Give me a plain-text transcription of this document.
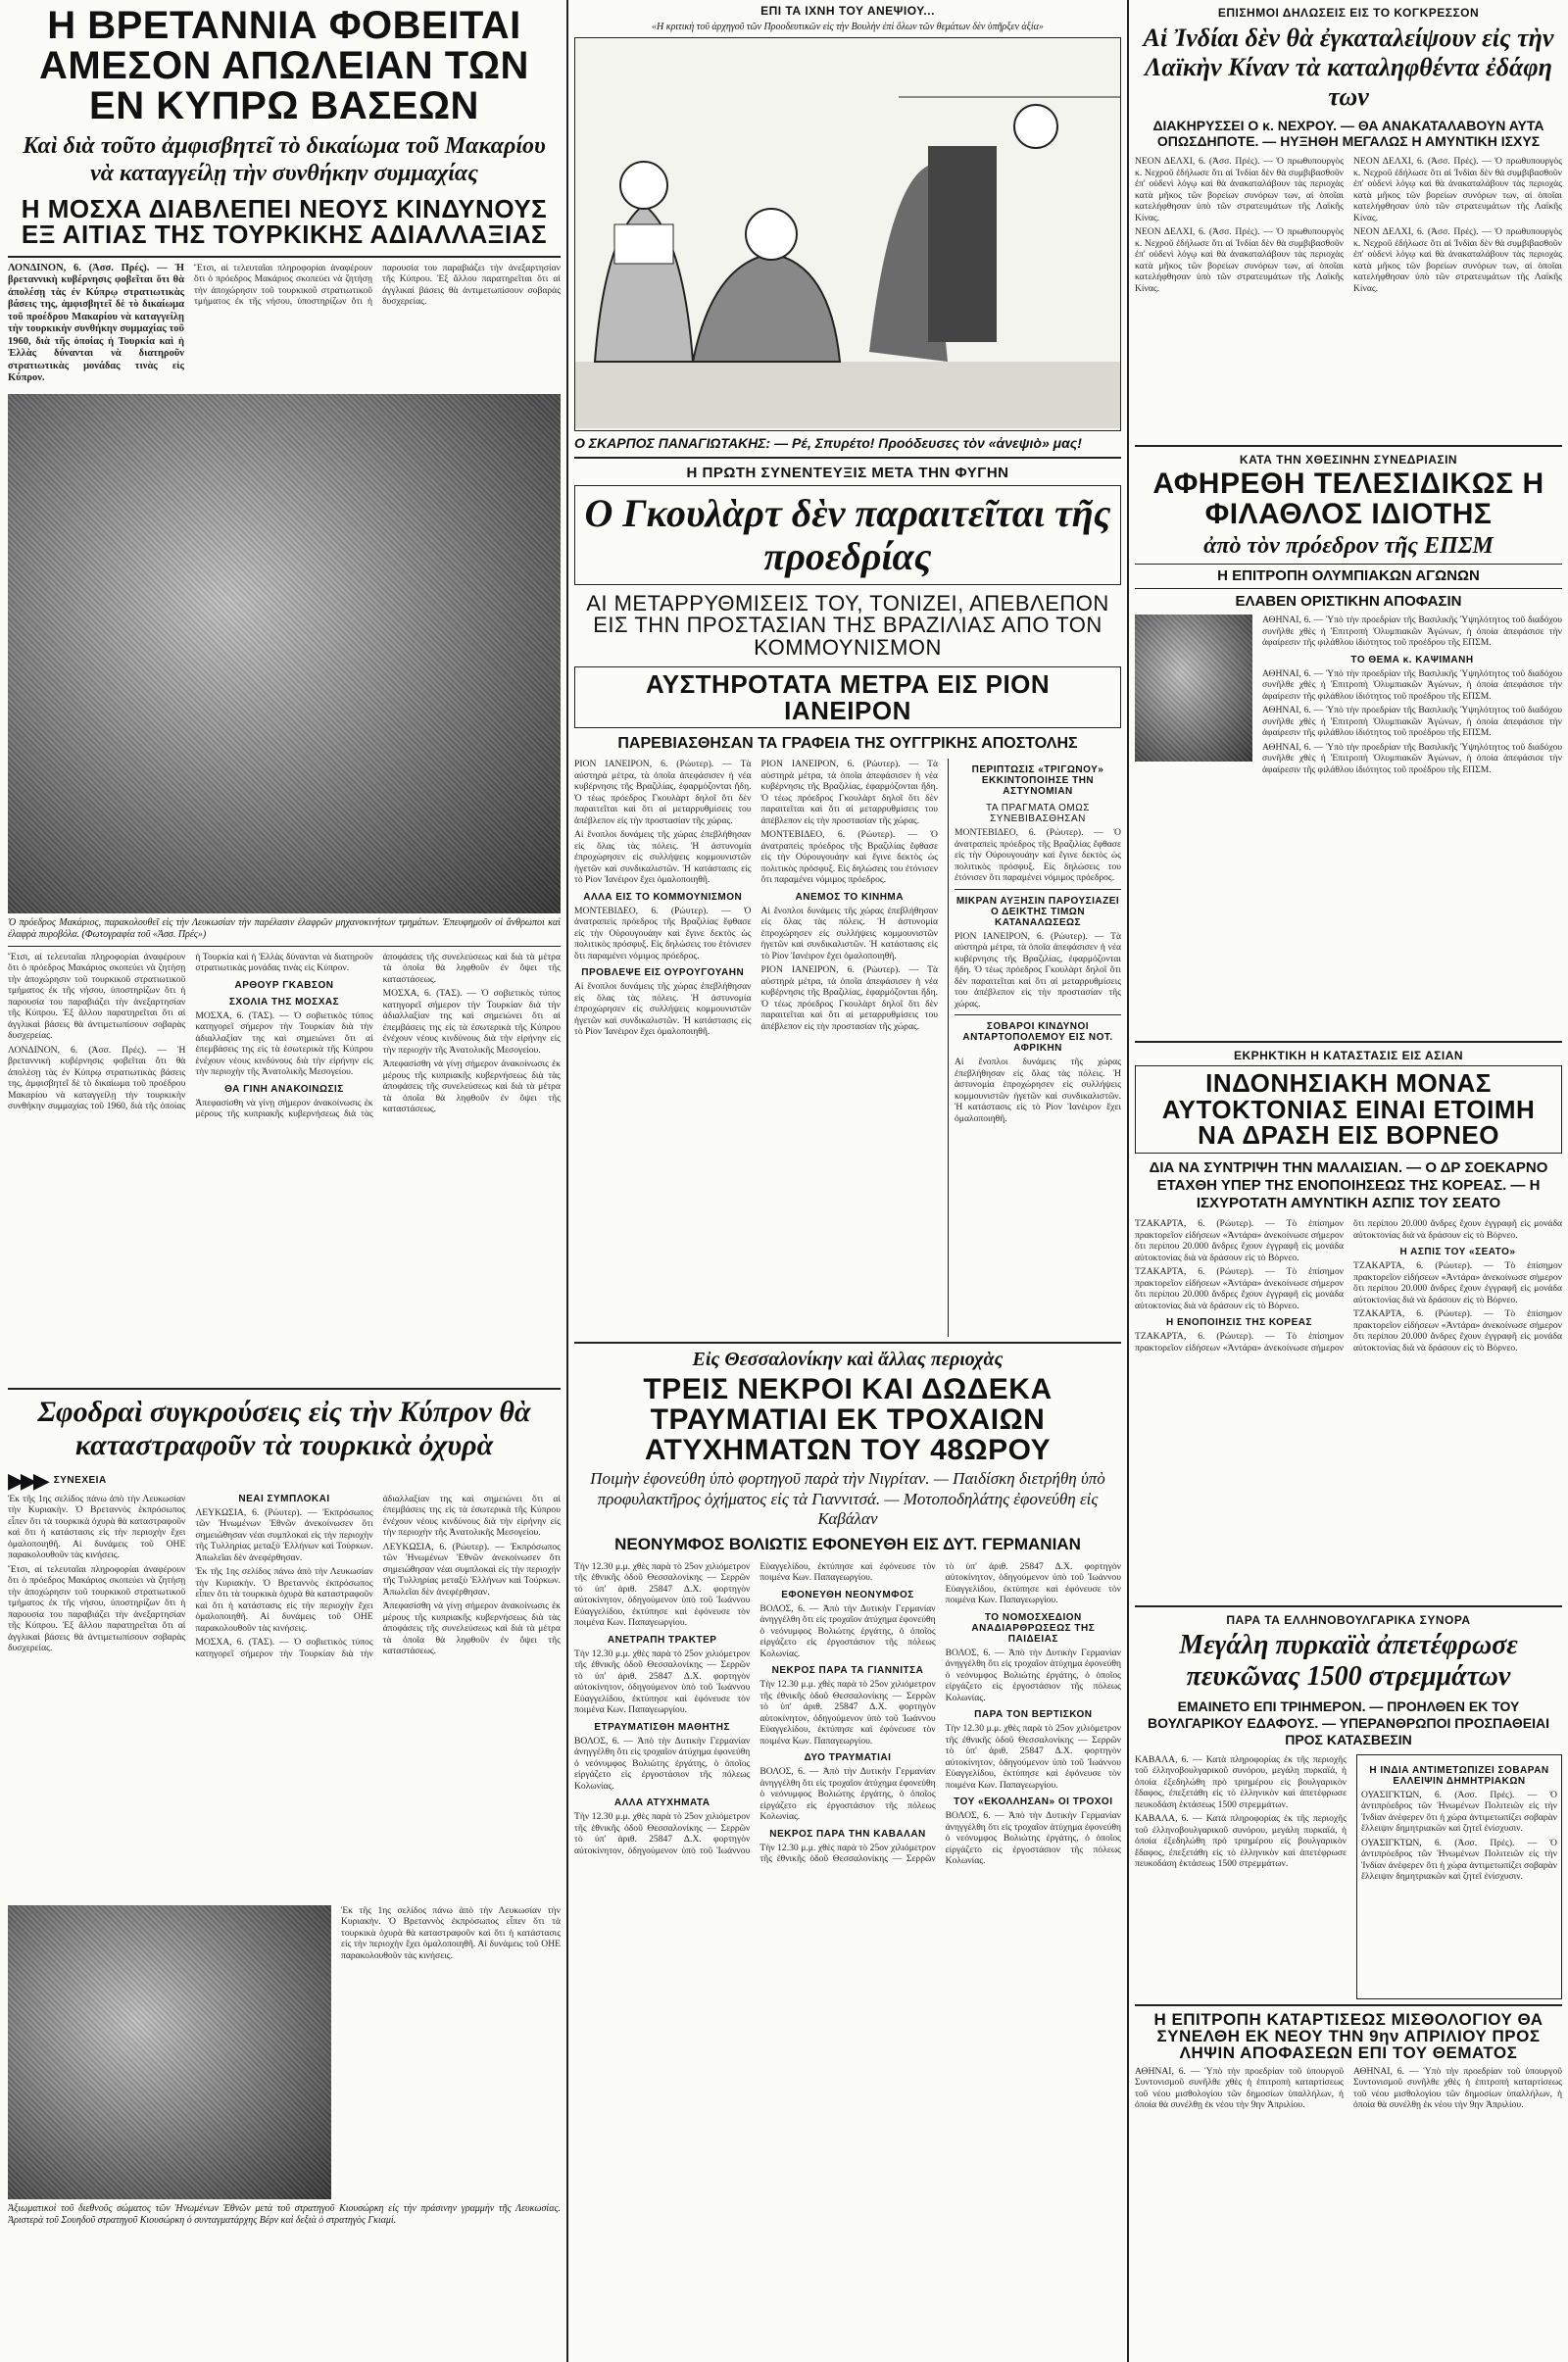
Η ΒΡΕΤΑΝΝΙΑ ΦΟΒΕΙΤΑΙ ΑΜΕΣΟΝ ΑΠΩΛΕΙΑΝ ΤΩΝ ΕΝ ΚΥΠΡΩ ΒΑΣΕΩΝ
Καὶ διὰ τοῦτο ἀμφισβητεῖ τὸ δικαίωμα τοῦ Μακαρίου νὰ καταγγείλῃ τὴν συνθήκην συμμαχίας
Η ΜΟΣΧΑ ΔΙΑΒΛΕΠΕΙ ΝΕΟΥΣ ΚΙΝΔΥΝΟΥΣ ΕΞ ΑΙΤΙΑΣ ΤΗΣ ΤΟΥΡΚΙΚΗΣ ΑΔΙΑΛΛΑΞΙΑΣ

ΛΟΝΔΙΝΟΝ, 6. (Ἀσσ. Πρές). — Ἡ βρεταννικὴ κυβέρνησις φοβεῖται ὅτι θὰ ἀπολέσῃ τὰς ἐν Κύπρῳ στρατιωτικὰς βάσεις της, ἀμφισβητεῖ δὲ τὸ δικαίωμα τοῦ προέδρου Μακαρίου νὰ καταγγείλῃ τὴν τουρκικὴν συνθήκην συμμαχίας τοῦ 1960, διὰ τῆς ὁποίας ἡ Τουρκία καὶ ἡ Ἑλλὰς δύνανται νὰ διατηροῦν στρατιωτικὰς μονάδας τινὰς εἰς Κύπρον.

Ἔτσι, αἱ τελευταῖαι πληροφορίαι ἀναφέρουν ὅτι ὁ πρόεδρος Μακάριος σκοπεύει νὰ ζητήσῃ τὴν ἀποχώρησιν τοῦ τουρκικοῦ στρατιωτικοῦ τμήματος ἐκ τῆς νήσου, ὑποστηρίζων ὅτι ἡ παρουσία του παραβιάζει τὴν ἀνεξαρτησίαν τῆς Κύπρου. Ἐξ ἄλλου παρατηρεῖται ὅτι αἱ ἀγγλικαὶ βάσεις θὰ ἀντιμετωπίσουν σοβαρὰς δυσχερείας.

Ὁ πρόεδρος Μακάριος, παρακολουθεῖ εἰς τὴν Λευκωσίαν τὴν παρέλασιν ἐλαφρῶν μηχανοκινήτων τμημάτων. Ἐπευφημοῦν οἱ ἄνθρωποι καὶ ἐλαφρὰ πυροβόλα. (Φωτογραφία τοῦ «Ἀσσ. Πρές»)

Ἔτσι, αἱ τελευταῖαι πληροφορίαι ἀναφέρουν ὅτι ὁ πρόεδρος Μακάριος σκοπεύει νὰ ζητήσῃ τὴν ἀποχώρησιν τοῦ τουρκικοῦ στρατιωτικοῦ τμήματος ἐκ τῆς νήσου, ὑποστηρίζων ὅτι ἡ παρουσία του παραβιάζει τὴν ἀνεξαρτησίαν τῆς Κύπρου. Ἐξ ἄλλου παρατηρεῖται ὅτι αἱ ἀγγλικαὶ βάσεις θὰ ἀντιμετωπίσουν σοβαρὰς δυσχερείας.

ΛΟΝΔΙΝΟΝ, 6. (Ἀσσ. Πρές). — Ἡ βρεταννικὴ κυβέρνησις φοβεῖται ὅτι θὰ ἀπολέσῃ τὰς ἐν Κύπρῳ στρατιωτικὰς βάσεις της, ἀμφισβητεῖ δὲ τὸ δικαίωμα τοῦ προέδρου Μακαρίου νὰ καταγγείλῃ τὴν τουρκικὴν συνθήκην συμμαχίας τοῦ 1960, διὰ τῆς ὁποίας ἡ Τουρκία καὶ ἡ Ἑλλὰς δύνανται νὰ διατηροῦν στρατιωτικὰς μονάδας τινὰς εἰς Κύπρον.

ΑΡΘΟΥΡ ΓΚΑΒΣΟΝ
ΣΧΟΛΙΑ ΤΗΣ ΜΟΣΧΑΣ

ΜΟΣΧΑ, 6. (ΤΑΣ). — Ὁ σοβιετικὸς τύπος κατηγορεῖ σήμερον τὴν Τουρκίαν διὰ τὴν ἀδιαλλαξίαν της καὶ σημειώνει ὅτι αἱ ἐπεμβάσεις της εἰς τὰ ἐσωτερικὰ τῆς Κύπρου ἐνέχουν νέους κινδύνους διὰ τὴν εἰρήνην εἰς τὴν περιοχὴν τῆς Ἀνατολικῆς Μεσογείου.

ΘΑ ΓΙΝΗ ΑΝΑΚΟΙΝΩΣΙΣ

Ἀπεφασίσθη νὰ γίνῃ σήμερον ἀνακοίνωσις ἐκ μέρους τῆς κυπριακῆς κυβερνήσεως διὰ τὰς ἀποφάσεις τῆς συνελεύσεως καὶ διὰ τὰ μέτρα τὰ ὁποῖα θὰ ληφθοῦν ἐν ὄψει τῆς καταστάσεως.

ΜΟΣΧΑ, 6. (ΤΑΣ). — Ὁ σοβιετικὸς τύπος κατηγορεῖ σήμερον τὴν Τουρκίαν διὰ τὴν ἀδιαλλαξίαν της καὶ σημειώνει ὅτι αἱ ἐπεμβάσεις της εἰς τὰ ἐσωτερικὰ τῆς Κύπρου ἐνέχουν νέους κινδύνους διὰ τὴν εἰρήνην εἰς τὴν περιοχὴν τῆς Ἀνατολικῆς Μεσογείου.

Ἀπεφασίσθη νὰ γίνῃ σήμερον ἀνακοίνωσις ἐκ μέρους τῆς κυπριακῆς κυβερνήσεως διὰ τὰς ἀποφάσεις τῆς συνελεύσεως καὶ διὰ τὰ μέτρα τὰ ὁποῖα θὰ ληφθοῦν ἐν ὄψει τῆς καταστάσεως.

Σφοδραὶ συγκρούσεις εἰς τὴν Κύπρον θὰ καταστραφοῦν τὰ τουρκικὰ ὀχυρὰ
▶▶▶ ΣΥΝΕΧΕΙΑ

Ἐκ τῆς 1ης σελίδος πάνω ἀπὸ τὴν Λευκωσίαν τὴν Κυριακὴν. Ὁ Βρεταννὸς ἐκπρόσωπος εἶπεν ὅτι τὰ τουρκικὰ ὀχυρὰ θὰ καταστραφοῦν καὶ ὅτι ἡ κατάστασις εἰς τὴν περιοχὴν ἔχει ὁμαλοποιηθῆ. Αἱ δυνάμεις τοῦ ΟΗΕ παρακολουθοῦν τὰς κινήσεις.

Ἔτσι, αἱ τελευταῖαι πληροφορίαι ἀναφέρουν ὅτι ὁ πρόεδρος Μακάριος σκοπεύει νὰ ζητήσῃ τὴν ἀποχώρησιν τοῦ τουρκικοῦ στρατιωτικοῦ τμήματος ἐκ τῆς νήσου, ὑποστηρίζων ὅτι ἡ παρουσία του παραβιάζει τὴν ἀνεξαρτησίαν τῆς Κύπρου. Ἐξ ἄλλου παρατηρεῖται ὅτι αἱ ἀγγλικαὶ βάσεις θὰ ἀντιμετωπίσουν σοβαρὰς δυσχερείας.

ΝΕΑΙ ΣΥΜΠΛΟΚΑΙ

ΛΕΥΚΩΣΙΑ, 6. (Ρώυτερ). — Ἐκπρόσωπος τῶν Ἡνωμένων Ἐθνῶν ἀνεκοίνωσεν ὅτι σημειώθησαν νέαι συμπλοκαὶ εἰς τὴν περιοχὴν τῆς Τυλληρίας μεταξὺ Ἑλλήνων καὶ Τούρκων. Ἀπωλεῖαι δὲν ἀνεφέρθησαν.

Ἐκ τῆς 1ης σελίδος πάνω ἀπὸ τὴν Λευκωσίαν τὴν Κυριακὴν. Ὁ Βρεταννὸς ἐκπρόσωπος εἶπεν ὅτι τὰ τουρκικὰ ὀχυρὰ θὰ καταστραφοῦν καὶ ὅτι ἡ κατάστασις εἰς τὴν περιοχὴν ἔχει ὁμαλοποιηθῆ. Αἱ δυνάμεις τοῦ ΟΗΕ παρακολουθοῦν τὰς κινήσεις.

ΜΟΣΧΑ, 6. (ΤΑΣ). — Ὁ σοβιετικὸς τύπος κατηγορεῖ σήμερον τὴν Τουρκίαν διὰ τὴν ἀδιαλλαξίαν της καὶ σημειώνει ὅτι αἱ ἐπεμβάσεις της εἰς τὰ ἐσωτερικὰ τῆς Κύπρου ἐνέχουν νέους κινδύνους διὰ τὴν εἰρήνην εἰς τὴν περιοχὴν τῆς Ἀνατολικῆς Μεσογείου.

ΛΕΥΚΩΣΙΑ, 6. (Ρώυτερ). — Ἐκπρόσωπος τῶν Ἡνωμένων Ἐθνῶν ἀνεκοίνωσεν ὅτι σημειώθησαν νέαι συμπλοκαὶ εἰς τὴν περιοχὴν τῆς Τυλληρίας μεταξὺ Ἑλλήνων καὶ Τούρκων. Ἀπωλεῖαι δὲν ἀνεφέρθησαν.

Ἀπεφασίσθη νὰ γίνῃ σήμερον ἀνακοίνωσις ἐκ μέρους τῆς κυπριακῆς κυβερνήσεως διὰ τὰς ἀποφάσεις τῆς συνελεύσεως καὶ διὰ τὰ μέτρα τὰ ὁποῖα θὰ ληφθοῦν ἐν ὄψει τῆς καταστάσεως.

Ἐκ τῆς 1ης σελίδος πάνω ἀπὸ τὴν Λευκωσίαν τὴν Κυριακὴν. Ὁ Βρεταννὸς ἐκπρόσωπος εἶπεν ὅτι τὰ τουρκικὰ ὀχυρὰ θὰ καταστραφοῦν καὶ ὅτι ἡ κατάστασις εἰς τὴν περιοχὴν ἔχει ὁμαλοποιηθῆ. Αἱ δυνάμεις τοῦ ΟΗΕ παρακολουθοῦν τὰς κινήσεις.

Ἀξιωματικοὶ τοῦ διεθνοῦς σώματος τῶν Ἡνωμένων Ἐθνῶν μετὰ τοῦ στρατηγοῦ Κιουσώρκη εἰς τὴν πράσινην γραμμὴν τῆς Λευκωσίας. Ἀριστερὰ τοῦ Σουηδοῦ στρατηγοῦ Κιουσώρκη ὁ συνταγματάρχης Βέρν καὶ δεξιὰ ὁ στρατηγὸς Γκιαμί.

ΕΠΙ ΤΑ ΙΧΝΗ ΤΟΥ ΑΝΕΨΙΟΥ...
«Η κριτικὴ τοῦ ἀρχηγοῦ τῶν Προοδευτικῶν εἰς τὴν Βουλὴν ἐπὶ ὅλων τῶν θεμάτων δὲν ὑπῆρξεν ἀξία»
Ο ΣΚΑΡΠΟΣ ΠΑΝΑΓΙΩΤΑΚΗΣ: — Ρέ, Σπυρέτο! Προόδευσες τὸν «ἀνεψιὸ» μας!
Η ΠΡΩΤΗ ΣΥΝΕΝΤΕΥΞΙΣ ΜΕΤΑ ΤΗΝ ΦΥΓΗΝ
Ο Γκουλὰρτ δὲν παραιτεῖται τῆς προεδρίας
ΑΙ ΜΕΤΑΡΡΥΘΜΙΣΕΙΣ ΤΟΥ, ΤΟΝΙΖΕΙ, ΑΠΕΒΛΕΠΟΝ ΕΙΣ ΤΗΝ ΠΡΟΣΤΑΣΙΑΝ ΤΗΣ ΒΡΑΖΙΛΙΑΣ ΑΠΟ ΤΟΝ ΚΟΜΜΟΥΝΙΣΜΟΝ
ΑΥΣΤΗΡΟΤΑΤΑ ΜΕΤΡΑ ΕΙΣ ΡΙΟΝ ΙΑΝΕΙΡΟΝ
ΠΑΡΕΒΙΑΣΘΗΣΑΝ ΤΑ ΓΡΑΦΕΙΑ ΤΗΣ ΟΥΓΓΡΙΚΗΣ ΑΠΟΣΤΟΛΗΣ

ΡΙΟΝ ΙΑΝΕΙΡΟΝ, 6. (Ρώυτερ). — Τὰ αὐστηρὰ μέτρα, τὰ ὁποῖα ἀπεφάσισεν ἡ νέα κυβέρνησις τῆς Βραζιλίας, ἐφαρμόζονται ἤδη. Ὁ τέως πρόεδρος Γκουλὰρτ δηλοῖ ὅτι δὲν παραιτεῖται καὶ ὅτι αἱ μεταρρυθμίσεις του ἀπέβλεπον εἰς τὴν προστασίαν τῆς χώρας.

Αἱ ἔνοπλοι δυνάμεις τῆς χώρας ἐπεβλήθησαν εἰς ὅλας τὰς πόλεις. Ἡ ἀστυνομία ἐπροχώρησεν εἰς συλλήψεις κομμουνιστῶν ἡγετῶν καὶ συνδικαλιστῶν. Ἡ κατάστασις εἰς τὸ Ρίον Ἰανέιρον ἔχει ὁμαλοποιηθῆ.

ΑΛΛΑ ΕΙΣ ΤΟ ΚΟΜΜΟΥΝΙΣΜΟΝ

ΜΟΝΤΕΒΙΔΕΟ, 6. (Ρώυτερ). — Ὁ ἀνατραπεὶς πρόεδρος τῆς Βραζιλίας ἔφθασε εἰς τὴν Οὐρουγουάην καὶ ἔγινε δεκτὸς ὡς πολιτικὸς πρόσφυξ. Εἰς δηλώσεις του ἐτόνισεν ὅτι παραμένει νόμιμος πρόεδρος.

ΠΡΟΒΛΕΨΕ ΕΙΣ ΟΥΡΟΥΓΟΥΑΗΝ

Αἱ ἔνοπλοι δυνάμεις τῆς χώρας ἐπεβλήθησαν εἰς ὅλας τὰς πόλεις. Ἡ ἀστυνομία ἐπροχώρησεν εἰς συλλήψεις κομμουνιστῶν ἡγετῶν καὶ συνδικαλιστῶν. Ἡ κατάστασις εἰς τὸ Ρίον Ἰανέιρον ἔχει ὁμαλοποιηθῆ.

ΡΙΟΝ ΙΑΝΕΙΡΟΝ, 6. (Ρώυτερ). — Τὰ αὐστηρὰ μέτρα, τὰ ὁποῖα ἀπεφάσισεν ἡ νέα κυβέρνησις τῆς Βραζιλίας, ἐφαρμόζονται ἤδη. Ὁ τέως πρόεδρος Γκουλὰρτ δηλοῖ ὅτι δὲν παραιτεῖται καὶ ὅτι αἱ μεταρρυθμίσεις του ἀπέβλεπον εἰς τὴν προστασίαν τῆς χώρας.

ΜΟΝΤΕΒΙΔΕΟ, 6. (Ρώυτερ). — Ὁ ἀνατραπεὶς πρόεδρος τῆς Βραζιλίας ἔφθασε εἰς τὴν Οὐρουγουάην καὶ ἔγινε δεκτὸς ὡς πολιτικὸς πρόσφυξ. Εἰς δηλώσεις του ἐτόνισεν ὅτι παραμένει νόμιμος πρόεδρος.

ΑΝΕΜΟΣ ΤΟ ΚΙΝΗΜΑ

Αἱ ἔνοπλοι δυνάμεις τῆς χώρας ἐπεβλήθησαν εἰς ὅλας τὰς πόλεις. Ἡ ἀστυνομία ἐπροχώρησεν εἰς συλλήψεις κομμουνιστῶν ἡγετῶν καὶ συνδικαλιστῶν. Ἡ κατάστασις εἰς τὸ Ρίον Ἰανέιρον ἔχει ὁμαλοποιηθῆ.

ΡΙΟΝ ΙΑΝΕΙΡΟΝ, 6. (Ρώυτερ). — Τὰ αὐστηρὰ μέτρα, τὰ ὁποῖα ἀπεφάσισεν ἡ νέα κυβέρνησις τῆς Βραζιλίας, ἐφαρμόζονται ἤδη. Ὁ τέως πρόεδρος Γκουλὰρτ δηλοῖ ὅτι δὲν παραιτεῖται καὶ ὅτι αἱ μεταρρυθμίσεις του ἀπέβλεπον εἰς τὴν προστασίαν τῆς χώρας.

ΠΕΡΙΠΤΩΣΙΣ «ΤΡΙΓΩΝΟΥ» ΕΚΚΙΝΤΟΠΟΙΗΣΕ ΤΗΝ ΑΣΤΥΝΟΜΙΑΝ
ΤΑ ΠΡΑΓΜΑΤΑ ΟΜΩΣ ΣΥΝΕΒΙΒΑΣΘΗΣΑΝ

ΜΟΝΤΕΒΙΔΕΟ, 6. (Ρώυτερ). — Ὁ ἀνατραπεὶς πρόεδρος τῆς Βραζιλίας ἔφθασε εἰς τὴν Οὐρουγουάην καὶ ἔγινε δεκτὸς ὡς πολιτικὸς πρόσφυξ. Εἰς δηλώσεις του ἐτόνισεν ὅτι παραμένει νόμιμος πρόεδρος.

ΜΙΚΡΑΝ ΑΥΞΗΣΙΝ ΠΑΡΟΥΣΙΑΖΕΙ Ο ΔΕΙΚΤΗΣ ΤΙΜΩΝ ΚΑΤΑΝΑΛΩΣΕΩΣ

ΡΙΟΝ ΙΑΝΕΙΡΟΝ, 6. (Ρώυτερ). — Τὰ αὐστηρὰ μέτρα, τὰ ὁποῖα ἀπεφάσισεν ἡ νέα κυβέρνησις τῆς Βραζιλίας, ἐφαρμόζονται ἤδη. Ὁ τέως πρόεδρος Γκουλὰρτ δηλοῖ ὅτι δὲν παραιτεῖται καὶ ὅτι αἱ μεταρρυθμίσεις του ἀπέβλεπον εἰς τὴν προστασίαν τῆς χώρας.

ΣΟΒΑΡΟΙ ΚΙΝΔΥΝΟΙ ΑΝΤΑΡΤΟΠΟΛΕΜΟΥ ΕΙΣ ΝΟΤ. ΑΦΡΙΚΗΝ

Αἱ ἔνοπλοι δυνάμεις τῆς χώρας ἐπεβλήθησαν εἰς ὅλας τὰς πόλεις. Ἡ ἀστυνομία ἐπροχώρησεν εἰς συλλήψεις κομμουνιστῶν ἡγετῶν καὶ συνδικαλιστῶν. Ἡ κατάστασις εἰς τὸ Ρίον Ἰανέιρον ἔχει ὁμαλοποιηθῆ.

Εἰς Θεσσαλονίκην καὶ ἄλλας περιοχὰς
ΤΡΕΙΣ ΝΕΚΡΟΙ ΚΑΙ ΔΩΔΕΚΑ ΤΡΑΥΜΑΤΙΑΙ ΕΚ ΤΡΟΧΑΙΩΝ ΑΤΥΧΗΜΑΤΩΝ ΤΟΥ 48ΩΡΟΥ
Ποιμὴν ἐφονεύθη ὑπὸ φορτηγοῦ παρὰ τὴν Νιγρίταν. — Παιδίσκη διετρήθη ὑπὸ προφυλακτῆρος ὀχήματος εἰς τὰ Γιαννιτσά. — Μοτοποδηλάτης ἐφονεύθη εἰς Καβάλαν
ΝΕΟΝΥΜΦΟΣ ΒΟΛΙΩΤΙΣ ΕΦΟΝΕΥΘΗ ΕΙΣ ΔΥΤ. ΓΕΡΜΑΝΙΑΝ

Τὴν 12.30 μ.μ. χθὲς παρὰ τὸ 25ον χιλιόμετρον τῆς ἐθνικῆς ὁδοῦ Θεσσαλονίκης — Σερρῶν τὸ ὑπ' ἀριθ. 25847 Δ.Χ. φορτηγὸν αὐτοκίνητον, ὁδηγούμενον ὑπὸ τοῦ Ἰωάννου Εὐαγγελίδου, ἐκτύπησε καὶ ἐφόνευσε τὸν ποιμένα Κων. Παπαγεωργίου.

ΑΝΕΤΡΑΠΗ ΤΡΑΚΤΕΡ

Τὴν 12.30 μ.μ. χθὲς παρὰ τὸ 25ον χιλιόμετρον τῆς ἐθνικῆς ὁδοῦ Θεσσαλονίκης — Σερρῶν τὸ ὑπ' ἀριθ. 25847 Δ.Χ. φορτηγὸν αὐτοκίνητον, ὁδηγούμενον ὑπὸ τοῦ Ἰωάννου Εὐαγγελίδου, ἐκτύπησε καὶ ἐφόνευσε τὸν ποιμένα Κων. Παπαγεωργίου.

ΕΤΡΑΥΜΑΤΙΣΘΗ ΜΑΘΗΤΗΣ

ΒΟΛΟΣ, 6. — Ἀπὸ τὴν Δυτικὴν Γερμανίαν ἀνηγγέλθη ὅτι εἰς τροχαῖον ἀτύχημα ἐφονεύθη ὁ νεόνυμφος Βολιώτης ἐργάτης, ὁ ὁποῖος εἰργάζετο εἰς ἐργοστάσιον τῆς πόλεως Κολωνίας.

ΑΛΛΑ ΑΤΥΧΗΜΑΤΑ

Τὴν 12.30 μ.μ. χθὲς παρὰ τὸ 25ον χιλιόμετρον τῆς ἐθνικῆς ὁδοῦ Θεσσαλονίκης — Σερρῶν τὸ ὑπ' ἀριθ. 25847 Δ.Χ. φορτηγὸν αὐτοκίνητον, ὁδηγούμενον ὑπὸ τοῦ Ἰωάννου Εὐαγγελίδου, ἐκτύπησε καὶ ἐφόνευσε τὸν ποιμένα Κων. Παπαγεωργίου.

ΕΦΟΝΕΥΘΗ ΝΕΟΝΥΜΦΟΣ

ΒΟΛΟΣ, 6. — Ἀπὸ τὴν Δυτικὴν Γερμανίαν ἀνηγγέλθη ὅτι εἰς τροχαῖον ἀτύχημα ἐφονεύθη ὁ νεόνυμφος Βολιώτης ἐργάτης, ὁ ὁποῖος εἰργάζετο εἰς ἐργοστάσιον τῆς πόλεως Κολωνίας.

ΝΕΚΡΟΣ ΠΑΡΑ ΤΑ ΓΙΑΝΝΙΤΣΑ

Τὴν 12.30 μ.μ. χθὲς παρὰ τὸ 25ον χιλιόμετρον τῆς ἐθνικῆς ὁδοῦ Θεσσαλονίκης — Σερρῶν τὸ ὑπ' ἀριθ. 25847 Δ.Χ. φορτηγὸν αὐτοκίνητον, ὁδηγούμενον ὑπὸ τοῦ Ἰωάννου Εὐαγγελίδου, ἐκτύπησε καὶ ἐφόνευσε τὸν ποιμένα Κων. Παπαγεωργίου.

ΔΥΟ ΤΡΑΥΜΑΤΙΑΙ

ΒΟΛΟΣ, 6. — Ἀπὸ τὴν Δυτικὴν Γερμανίαν ἀνηγγέλθη ὅτι εἰς τροχαῖον ἀτύχημα ἐφονεύθη ὁ νεόνυμφος Βολιώτης ἐργάτης, ὁ ὁποῖος εἰργάζετο εἰς ἐργοστάσιον τῆς πόλεως Κολωνίας.

ΝΕΚΡΟΣ ΠΑΡΑ ΤΗΝ ΚΑΒΑΛΑΝ

Τὴν 12.30 μ.μ. χθὲς παρὰ τὸ 25ον χιλιόμετρον τῆς ἐθνικῆς ὁδοῦ Θεσσαλονίκης — Σερρῶν τὸ ὑπ' ἀριθ. 25847 Δ.Χ. φορτηγὸν αὐτοκίνητον, ὁδηγούμενον ὑπὸ τοῦ Ἰωάννου Εὐαγγελίδου, ἐκτύπησε καὶ ἐφόνευσε τὸν ποιμένα Κων. Παπαγεωργίου.

ΤΟ ΝΟΜΟΣΧΕΔΙΟΝ ΑΝΑΔΙΑΡΘΡΩΣΕΩΣ ΤΗΣ ΠΑΙΔΕΙΑΣ

ΒΟΛΟΣ, 6. — Ἀπὸ τὴν Δυτικὴν Γερμανίαν ἀνηγγέλθη ὅτι εἰς τροχαῖον ἀτύχημα ἐφονεύθη ὁ νεόνυμφος Βολιώτης ἐργάτης, ὁ ὁποῖος εἰργάζετο εἰς ἐργοστάσιον τῆς πόλεως Κολωνίας.

ΠΑΡΑ ΤΟΝ ΒΕΡΤΙΣΚΟΝ

Τὴν 12.30 μ.μ. χθὲς παρὰ τὸ 25ον χιλιόμετρον τῆς ἐθνικῆς ὁδοῦ Θεσσαλονίκης — Σερρῶν τὸ ὑπ' ἀριθ. 25847 Δ.Χ. φορτηγὸν αὐτοκίνητον, ὁδηγούμενον ὑπὸ τοῦ Ἰωάννου Εὐαγγελίδου, ἐκτύπησε καὶ ἐφόνευσε τὸν ποιμένα Κων. Παπαγεωργίου.

ΤΟΥ «ΕΚΟΛΛΗΣΑΝ» ΟΙ ΤΡΟΧΟΙ

ΒΟΛΟΣ, 6. — Ἀπὸ τὴν Δυτικὴν Γερμανίαν ἀνηγγέλθη ὅτι εἰς τροχαῖον ἀτύχημα ἐφονεύθη ὁ νεόνυμφος Βολιώτης ἐργάτης, ὁ ὁποῖος εἰργάζετο εἰς ἐργοστάσιον τῆς πόλεως Κολωνίας.

ΕΠΙΣΗΜΟΙ ΔΗΛΩΣΕΙΣ ΕΙΣ ΤΟ ΚΟΓΚΡΕΣΣΟΝ
Αἱ Ἰνδίαι δὲν θὰ ἐγκαταλείψουν εἰς τὴν Λαϊκὴν Κίναν τὰ καταληφθέντα ἐδάφη των
ΔΙΑΚΗΡΥΣΣΕΙ Ο κ. ΝΕΧΡΟΥ. — ΘΑ ΑΝΑΚΑΤΑΛΑΒΟΥΝ ΑΥΤΑ ΟΠΩΣΔΗΠΟΤΕ. — ΗΥΞΗΘΗ ΜΕΓΑΛΩΣ Η ΑΜΥΝΤΙΚΗ ΙΣΧΥΣ

ΝΕΟΝ ΔΕΛΧΙ, 6. (Ἀσσ. Πρές). — Ὁ πρωθυπουργὸς κ. Νεχροῦ ἐδήλωσε ὅτι αἱ Ἰνδίαι δὲν θὰ συμβιβασθοῦν ἐπ' οὐδενὶ λόγῳ καὶ θὰ ἀνακαταλάβουν τὰς περιοχὰς κατὰ μῆκος τῶν βορείων συνόρων των, αἱ ὁποῖαι κατελήφθησαν ὑπὸ τῶν στρατευμάτων τῆς Λαϊκῆς Κίνας.

ΝΕΟΝ ΔΕΛΧΙ, 6. (Ἀσσ. Πρές). — Ὁ πρωθυπουργὸς κ. Νεχροῦ ἐδήλωσε ὅτι αἱ Ἰνδίαι δὲν θὰ συμβιβασθοῦν ἐπ' οὐδενὶ λόγῳ καὶ θὰ ἀνακαταλάβουν τὰς περιοχὰς κατὰ μῆκος τῶν βορείων συνόρων των, αἱ ὁποῖαι κατελήφθησαν ὑπὸ τῶν στρατευμάτων τῆς Λαϊκῆς Κίνας.

ΝΕΟΝ ΔΕΛΧΙ, 6. (Ἀσσ. Πρές). — Ὁ πρωθυπουργὸς κ. Νεχροῦ ἐδήλωσε ὅτι αἱ Ἰνδίαι δὲν θὰ συμβιβασθοῦν ἐπ' οὐδενὶ λόγῳ καὶ θὰ ἀνακαταλάβουν τὰς περιοχὰς κατὰ μῆκος τῶν βορείων συνόρων των, αἱ ὁποῖαι κατελήφθησαν ὑπὸ τῶν στρατευμάτων τῆς Λαϊκῆς Κίνας.

ΝΕΟΝ ΔΕΛΧΙ, 6. (Ἀσσ. Πρές). — Ὁ πρωθυπουργὸς κ. Νεχροῦ ἐδήλωσε ὅτι αἱ Ἰνδίαι δὲν θὰ συμβιβασθοῦν ἐπ' οὐδενὶ λόγῳ καὶ θὰ ἀνακαταλάβουν τὰς περιοχὰς κατὰ μῆκος τῶν βορείων συνόρων των, αἱ ὁποῖαι κατελήφθησαν ὑπὸ τῶν στρατευμάτων τῆς Λαϊκῆς Κίνας.

ΚΑΤΑ ΤΗΝ ΧΘΕΣΙΝΗΝ ΣΥΝΕΔΡΙΑΣΙΝ
ΑΦΗΡΕΘΗ ΤΕΛΕΣΙΔΙΚΩΣ Η ΦΙΛΑΘΛΟΣ ΙΔΙΟΤΗΣ
ἀπὸ τὸν πρόεδρον τῆς ΕΠΣΜ
Η ΕΠΙΤΡΟΠΗ ΟΛΥΜΠΙΑΚΩΝ ΑΓΩΝΩΝ
ΕΛΑΒΕΝ ΟΡΙΣΤΙΚΗΝ ΑΠΟΦΑΣΙΝ

ΑΘΗΝΑΙ, 6. — Ὑπὸ τὴν προεδρίαν τῆς Βασιλικῆς Ὑψηλότητος τοῦ διαδόχου συνῆλθε χθὲς ἡ Ἐπιτροπὴ Ὀλυμπιακῶν Ἀγώνων, ἡ ὁποία ἀπεφάσισε τὴν ἀφαίρεσιν τῆς φιλάθλου ἰδιότητος τοῦ προέδρου τῆς ΕΠΣΜ.

ΤΟ ΘΕΜΑ κ. ΚΑΨΙΜΑΝΗ

ΑΘΗΝΑΙ, 6. — Ὑπὸ τὴν προεδρίαν τῆς Βασιλικῆς Ὑψηλότητος τοῦ διαδόχου συνῆλθε χθὲς ἡ Ἐπιτροπὴ Ὀλυμπιακῶν Ἀγώνων, ἡ ὁποία ἀπεφάσισε τὴν ἀφαίρεσιν τῆς φιλάθλου ἰδιότητος τοῦ προέδρου τῆς ΕΠΣΜ.

ΑΘΗΝΑΙ, 6. — Ὑπὸ τὴν προεδρίαν τῆς Βασιλικῆς Ὑψηλότητος τοῦ διαδόχου συνῆλθε χθὲς ἡ Ἐπιτροπὴ Ὀλυμπιακῶν Ἀγώνων, ἡ ὁποία ἀπεφάσισε τὴν ἀφαίρεσιν τῆς φιλάθλου ἰδιότητος τοῦ προέδρου τῆς ΕΠΣΜ.

ΑΘΗΝΑΙ, 6. — Ὑπὸ τὴν προεδρίαν τῆς Βασιλικῆς Ὑψηλότητος τοῦ διαδόχου συνῆλθε χθὲς ἡ Ἐπιτροπὴ Ὀλυμπιακῶν Ἀγώνων, ἡ ὁποία ἀπεφάσισε τὴν ἀφαίρεσιν τῆς φιλάθλου ἰδιότητος τοῦ προέδρου τῆς ΕΠΣΜ.

ΕΚΡΗΚΤΙΚΗ Η ΚΑΤΑΣΤΑΣΙΣ ΕΙΣ ΑΣΙΑΝ
ΙΝΔΟΝΗΣΙΑΚΗ ΜΟΝΑΣ ΑΥΤΟΚΤΟΝΙΑΣ ΕΙΝΑΙ ΕΤΟΙΜΗ ΝΑ ΔΡΑΣΗ ΕΙΣ ΒΟΡΝΕΟ
ΔΙΑ ΝΑ ΣΥΝΤΡΙΨΗ ΤΗΝ ΜΑΛΑΙΣΙΑΝ. — Ο ΔΡ ΣΟΕΚΑΡΝΟ ΕΤΑΧΘΗ ΥΠΕΡ ΤΗΣ ΕΝΟΠΟΙΗΣΕΩΣ ΤΗΣ ΚΟΡΕΑΣ. — Η ΙΣΧΥΡΟΤΑΤΗ ΑΜΥΝΤΙΚΗ ΑΣΠΙΣ ΤΟΥ ΣΕΑΤΟ

ΤΖΑΚΑΡΤΑ, 6. (Ρώυτερ). — Τὸ ἐπίσημον πρακτορεῖον εἰδήσεων «Ἀντάρα» ἀνεκοίνωσε σήμερον ὅτι περίπου 20.000 ἄνδρες ἔχουν ἐγγραφῆ εἰς μονάδα αὐτοκτονίας διὰ νὰ δράσουν εἰς τὸ Βόρνεο.

ΤΖΑΚΑΡΤΑ, 6. (Ρώυτερ). — Τὸ ἐπίσημον πρακτορεῖον εἰδήσεων «Ἀντάρα» ἀνεκοίνωσε σήμερον ὅτι περίπου 20.000 ἄνδρες ἔχουν ἐγγραφῆ εἰς μονάδα αὐτοκτονίας διὰ νὰ δράσουν εἰς τὸ Βόρνεο.

Η ΕΝΟΠΟΙΗΣΙΣ ΤΗΣ ΚΟΡΕΑΣ

ΤΖΑΚΑΡΤΑ, 6. (Ρώυτερ). — Τὸ ἐπίσημον πρακτορεῖον εἰδήσεων «Ἀντάρα» ἀνεκοίνωσε σήμερον ὅτι περίπου 20.000 ἄνδρες ἔχουν ἐγγραφῆ εἰς μονάδα αὐτοκτονίας διὰ νὰ δράσουν εἰς τὸ Βόρνεο.

Η ΑΣΠΙΣ ΤΟΥ «ΣΕΑΤΟ»

ΤΖΑΚΑΡΤΑ, 6. (Ρώυτερ). — Τὸ ἐπίσημον πρακτορεῖον εἰδήσεων «Ἀντάρα» ἀνεκοίνωσε σήμερον ὅτι περίπου 20.000 ἄνδρες ἔχουν ἐγγραφῆ εἰς μονάδα αὐτοκτονίας διὰ νὰ δράσουν εἰς τὸ Βόρνεο.

ΤΖΑΚΑΡΤΑ, 6. (Ρώυτερ). — Τὸ ἐπίσημον πρακτορεῖον εἰδήσεων «Ἀντάρα» ἀνεκοίνωσε σήμερον ὅτι περίπου 20.000 ἄνδρες ἔχουν ἐγγραφῆ εἰς μονάδα αὐτοκτονίας διὰ νὰ δράσουν εἰς τὸ Βόρνεο.

ΠΑΡΑ ΤΑ ΕΛΛΗΝΟΒΟΥΛΓΑΡΙΚΑ ΣΥΝΟΡΑ
Μεγάλη πυρκαϊὰ ἀπετέφρωσε πευκῶνας 1500 στρεμμάτων
ΕΜΑΙΝΕΤΟ ΕΠΙ ΤΡΙΗΜΕΡΟΝ. — ΠΡΟΗΛΘΕΝ ΕΚ ΤΟΥ ΒΟΥΛΓΑΡΙΚΟΥ ΕΔΑΦΟΥΣ. — ΥΠΕΡΑΝΘΡΩΠΟΙ ΠΡΟΣΠΑΘΕΙΑΙ ΠΡΟΣ ΚΑΤΑΣΒΕΣΙΝ

ΚΑΒΑΛΑ, 6. — Κατὰ πληροφορίας ἐκ τῆς περιοχῆς τοῦ ἐλληνοβουλγαρικοῦ συνόρου, μεγάλη πυρκαϊά, ἡ ὁποία ἐξεδηλώθη πρὸ τριημέρου εἰς βουλγαρικὸν ἔδαφος, ἐπεξετάθη εἰς τὸ ἑλληνικὸν καὶ ἀπετέφρωσε πευκοδάση ἐκτάσεως 1500 στρεμμάτων.

ΚΑΒΑΛΑ, 6. — Κατὰ πληροφορίας ἐκ τῆς περιοχῆς τοῦ ἐλληνοβουλγαρικοῦ συνόρου, μεγάλη πυρκαϊά, ἡ ὁποία ἐξεδηλώθη πρὸ τριημέρου εἰς βουλγαρικὸν ἔδαφος, ἐπεξετάθη εἰς τὸ ἑλληνικὸν καὶ ἀπετέφρωσε πευκοδάση ἐκτάσεως 1500 στρεμμάτων.

Η ΙΝΔΙΑ ΑΝΤΙΜΕΤΩΠΙΖΕΙ ΣΟΒΑΡΑΝ ΕΛΛΕΙΨΙΝ ΔΗΜΗΤΡΙΑΚΩΝ

ΟΥΑΣΙΓΚΤΩΝ, 6. (Ἀσσ. Πρές). — Ὁ ἀντιπρόεδρος τῶν Ἡνωμένων Πολιτειῶν εἰς τὴν Ἰνδίαν ἀνέφερεν ὅτι ἡ χώρα ἀντιμετωπίζει σοβαρὰν ἔλλειψιν δημητριακῶν καὶ ζητεῖ ἐνίσχυσιν.

ΟΥΑΣΙΓΚΤΩΝ, 6. (Ἀσσ. Πρές). — Ὁ ἀντιπρόεδρος τῶν Ἡνωμένων Πολιτειῶν εἰς τὴν Ἰνδίαν ἀνέφερεν ὅτι ἡ χώρα ἀντιμετωπίζει σοβαρὰν ἔλλειψιν δημητριακῶν καὶ ζητεῖ ἐνίσχυσιν.

Η ΕΠΙΤΡΟΠΗ ΚΑΤΑΡΤΙΣΕΩΣ ΜΙΣΘΟΛΟΓΙΟΥ ΘΑ ΣΥΝΕΛΘΗ ΕΚ ΝΕΟΥ ΤΗΝ 9ην ΑΠΡΙΛΙΟΥ ΠΡΟΣ ΛΗΨΙΝ ΑΠΟΦΑΣΕΩΝ ΕΠΙ ΤΟΥ ΘΕΜΑΤΟΣ

ΑΘΗΝΑΙ, 6. — Ὑπὸ τὴν προεδρίαν τοῦ ὑπουργοῦ Συντονισμοῦ συνῆλθε χθὲς ἡ ἐπιτροπὴ καταρτίσεως τοῦ νέου μισθολογίου τῶν δημοσίων ὑπαλλήλων, ἡ ὁποία θὰ συνέλθῃ ἐκ νέου τὴν 9ην Ἀπριλίου.

ΑΘΗΝΑΙ, 6. — Ὑπὸ τὴν προεδρίαν τοῦ ὑπουργοῦ Συντονισμοῦ συνῆλθε χθὲς ἡ ἐπιτροπὴ καταρτίσεως τοῦ νέου μισθολογίου τῶν δημοσίων ὑπαλλήλων, ἡ ὁποία θὰ συνέλθῃ ἐκ νέου τὴν 9ην Ἀπριλίου.
